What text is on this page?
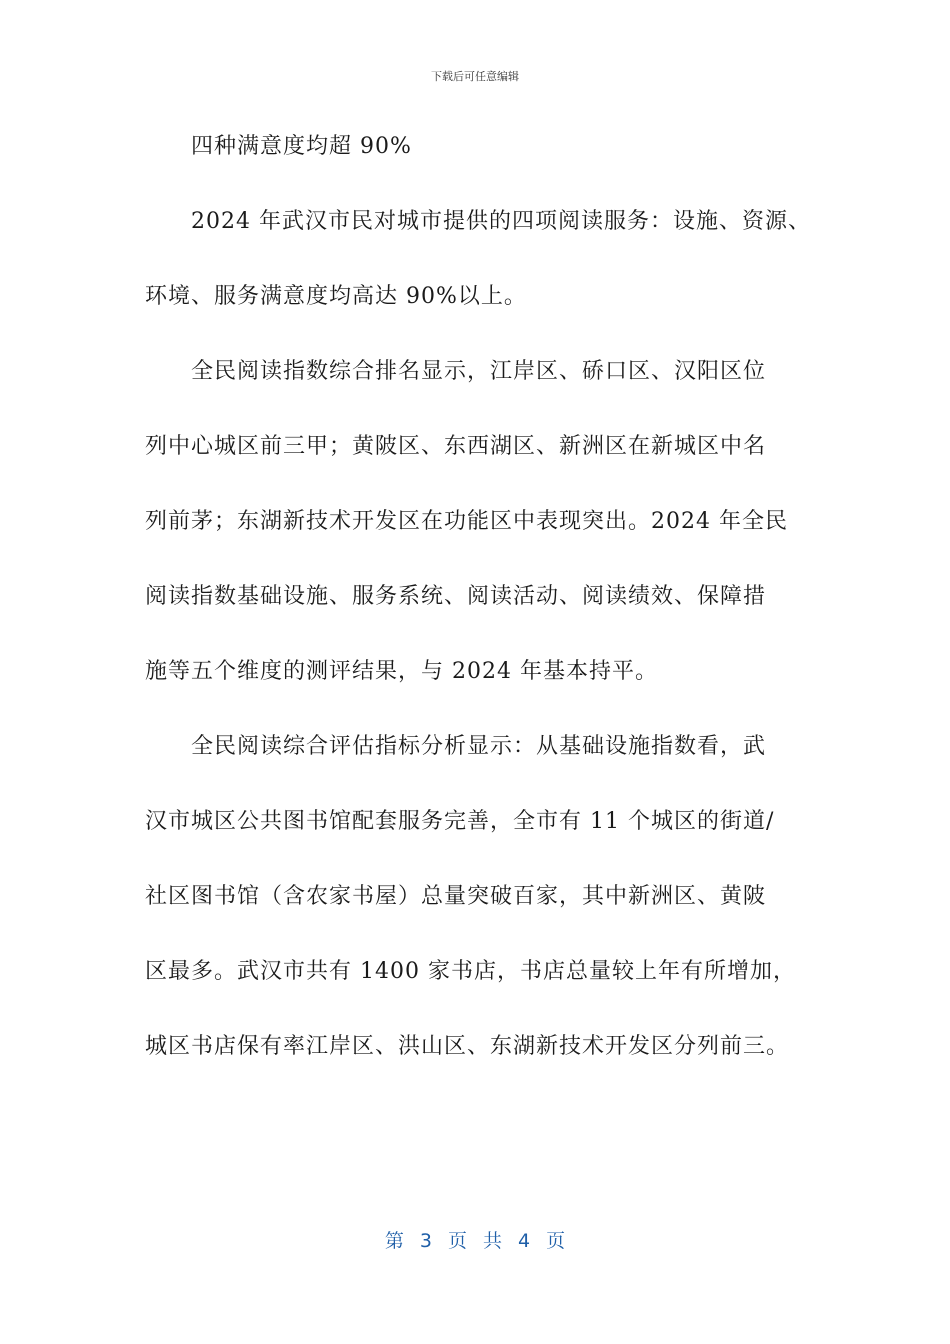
下载后可任意编辑
四种满意度均超 90%
2024 年武汉市民对城市提供的四项阅读服务：设施、资源、
环境、服务满意度均高达 90%以上。
全民阅读指数综合排名显示，江岸区、硚口区、汉阳区位
列中心城区前三甲；黄陂区、东西湖区、新洲区在新城区中名
列前茅；东湖新技术开发区在功能区中表现突出。2024 年全民
阅读指数基础设施、服务系统、阅读活动、阅读绩效、保障措
施等五个维度的测评结果，与 2024 年基本持平。
全民阅读综合评估指标分析显示：从基础设施指数看，武
汉市城区公共图书馆配套服务完善，全市有 11 个城区的街道/
社区图书馆（含农家书屋）总量突破百家，其中新洲区、黄陂
区最多。武汉市共有 1400 家书店，书店总量较上年有所增加，
城区书店保有率江岸区、洪山区、东湖新技术开发区分列前三。
第 3 页 共 4 页
